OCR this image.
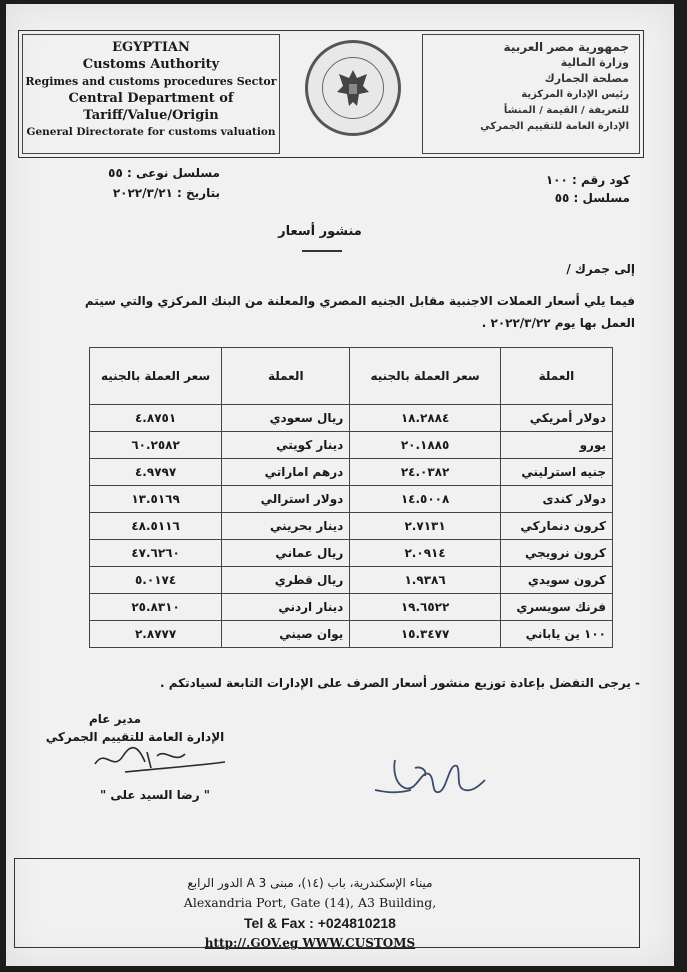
EGYPTIAN
Customs Authority
Regimes and customs procedures Sector
Central Department of
Tariff/Value/Origin
General Directorate for customs valuation
جمهورية مصر العربية
وزارة المالية
مصلحة الجمارك
رئيس الإدارة المركزية
للتعريفة / القيمة / المنشأ
الإدارة العامة للتقييم الجمركي
مسلسل نوعى : ٥٥
بتاريخ : ٢٠٢٢/٣/٢١
كود رقم : ١٠٠
مسلسل : ٥٥
منشور أسعار
إلى جمرك /
فيما يلي أسعار العملات الاجنبية مقابل الجنيه المصري والمعلنة من البنك المركزي والتي سيتم
العمل بها يوم ٢٠٢٢/٣/٢٢ .
العملة	سعر العملة بالجنيه	العملة	سعر العملة بالجنيه
دولار أمريكي	١٨.٢٨٨٤	ريال سعودي	٤.٨٧٥١
يورو	٢٠.١٨٨٥	دينار كويتي	٦٠.٢٥٨٢
جنيه استرليني	٢٤.٠٣٨٢	درهم اماراتي	٤.٩٧٩٧
دولار كندى	١٤.٥٠٠٨	دولار استرالي	١٣.٥١٦٩
كرون دنماركي	٢.٧١٣١	دينار بحريني	٤٨.٥١١٦
كرون نرويجي	٢.٠٩١٤	ريال عماني	٤٧.٦٢٦٠
كرون سويدي	١.٩٣٨٦	ريال قطري	٥.٠١٧٤
فرنك سويسري	١٩.٦٥٢٢	دينار اردني	٢٥.٨٣١٠
١٠٠ ين ياباني	١٥.٣٤٧٧	يوان صيني	٢.٨٧٧٧
- يرجى التفضل بإعادة توزيع منشور أسعار الصرف على الإدارات التابعة لسيادتكم .
مدير عام
الإدارة العامة للتقييم الجمركي
" رضا السيد على "
ميناء الإسكندرية، باب (١٤)، مبنى 3 A الدور الرابع
Alexandria Port, Gate (14), A3 Building,
Tel & Fax : +024810218
http://.GOV.eg WWW.CUSTOMS
